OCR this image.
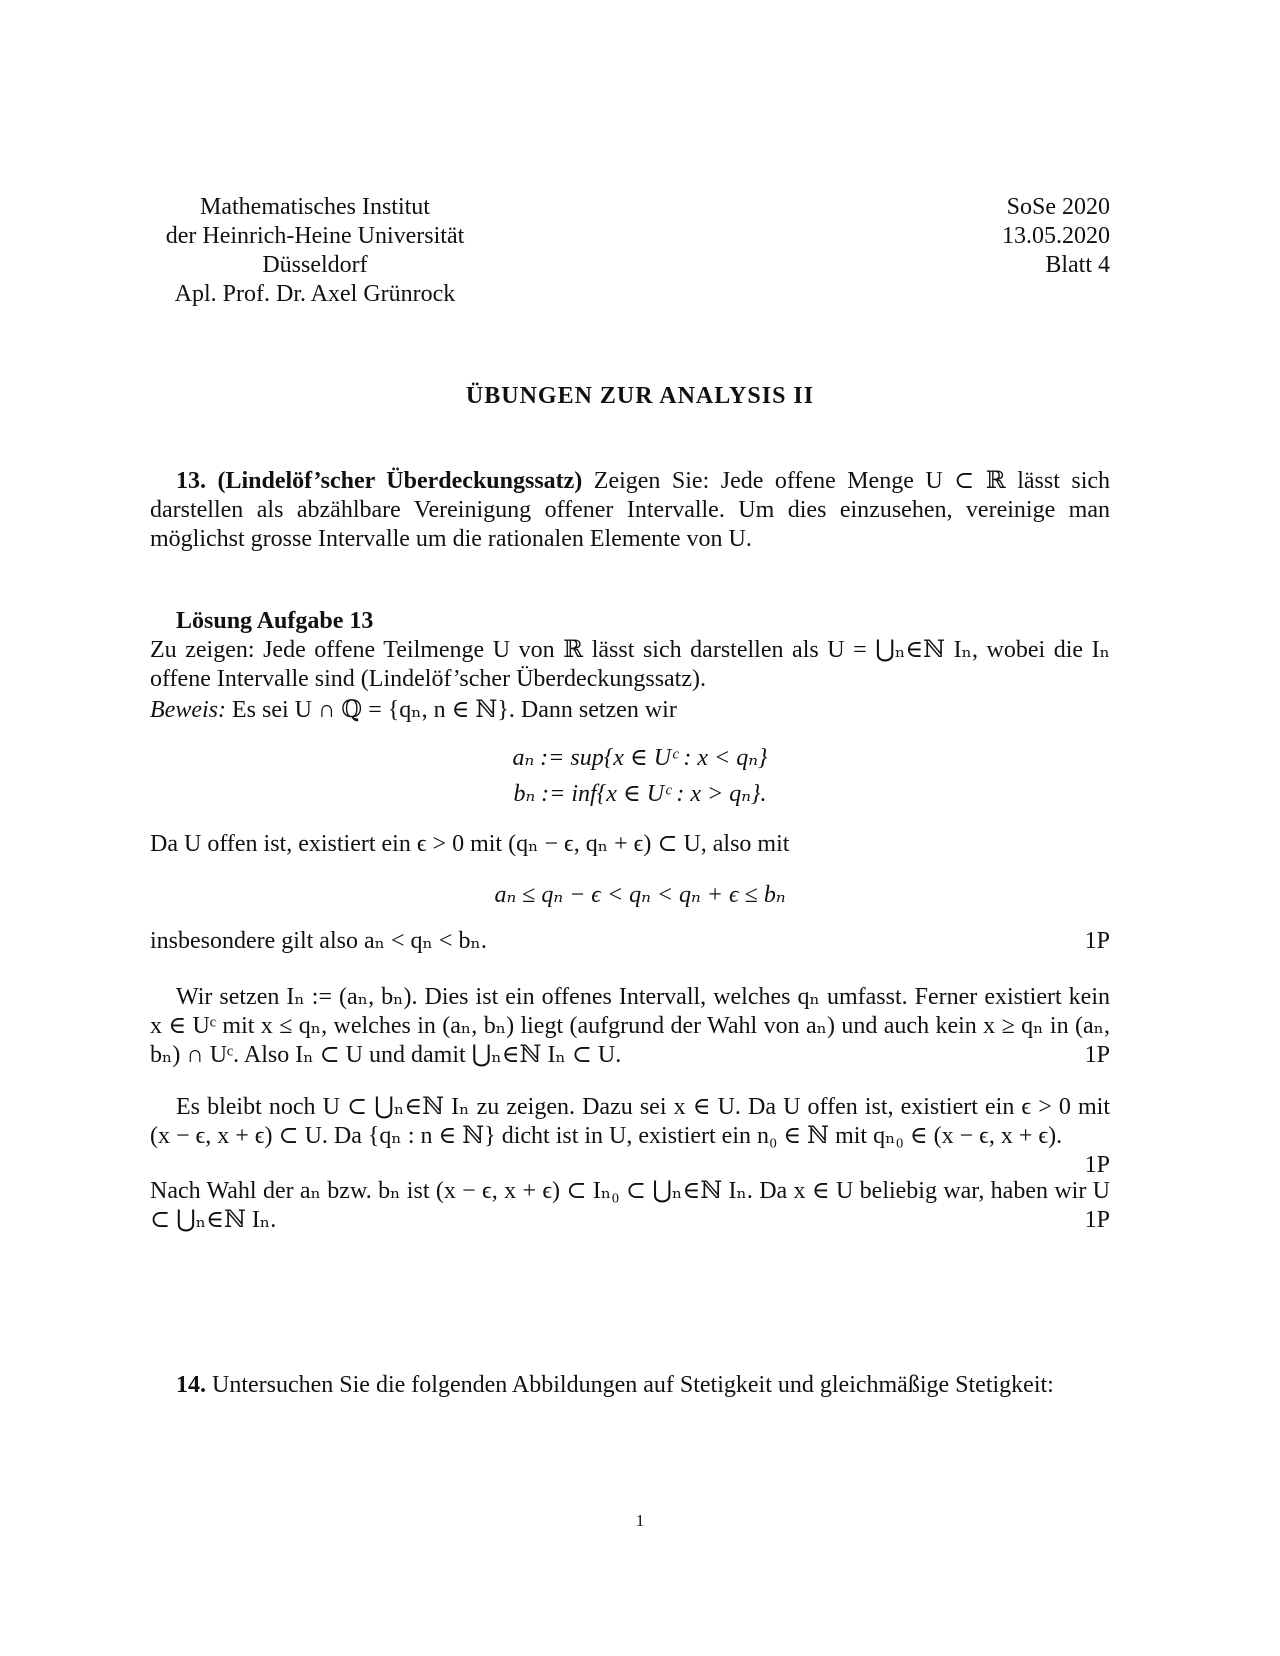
Mathematisches Institut
der Heinrich-Heine Universität
Düsseldorf
Apl. Prof. Dr. Axel Grünrock
SoSe 2020
13.05.2020
Blatt 4
ÜBUNGEN ZUR ANALYSIS II
13. (Lindelöf’scher Überdeckungssatz) Zeigen Sie: Jede offene Menge U ⊂ ℝ lässt sich darstellen als abzählbare Vereinigung offener Intervalle. Um dies einzusehen, vereinige man möglichst grosse Intervalle um die rationalen Elemente von U.
Lösung Aufgabe 13
Zu zeigen: Jede offene Teilmenge U von ℝ lässt sich darstellen als U = ⋃ₙ∈ℕ Iₙ, wobei die Iₙ offene Intervalle sind (Lindelöf’scher Überdeckungssatz).
Beweis: Es sei U ∩ ℚ = {qₙ, n ∈ ℕ}. Dann setzen wir
aₙ := sup{x ∈ Uᶜ : x < qₙ}
bₙ := inf{x ∈ Uᶜ : x > qₙ}.
Da U offen ist, existiert ein ϵ > 0 mit (qₙ − ϵ, qₙ + ϵ) ⊂ U, also mit
aₙ ≤ qₙ − ϵ < qₙ < qₙ + ϵ ≤ bₙ
1P
insbesondere gilt also aₙ < qₙ < bₙ.
Wir setzen Iₙ := (aₙ, bₙ). Dies ist ein offenes Intervall, welches qₙ umfasst. Ferner existiert kein x ∈ Uᶜ mit x ≤ qₙ, welches in (aₙ, bₙ) liegt (aufgrund der Wahl von aₙ) und auch kein x ≥ qₙ in (aₙ, bₙ) ∩ Uᶜ. Also Iₙ ⊂ U und damit ⋃ₙ∈ℕ Iₙ ⊂ U.	1P
Es bleibt noch U ⊂ ⋃ₙ∈ℕ Iₙ zu zeigen. Dazu sei x ∈ U. Da U offen ist, existiert ein ϵ > 0 mit (x − ϵ, x + ϵ) ⊂ U. Da {qₙ : n ∈ ℕ} dicht ist in U, existiert ein n₀ ∈ ℕ mit qₙ₀ ∈ (x − ϵ, x + ϵ).
1P
Nach Wahl der aₙ bzw. bₙ ist (x − ϵ, x + ϵ) ⊂ Iₙ₀ ⊂ ⋃ₙ∈ℕ Iₙ. Da x ∈ U beliebig war, haben wir U ⊂ ⋃ₙ∈ℕ Iₙ.	1P
14. Untersuchen Sie die folgenden Abbildungen auf Stetigkeit und gleichmäßige Stetigkeit:
1
